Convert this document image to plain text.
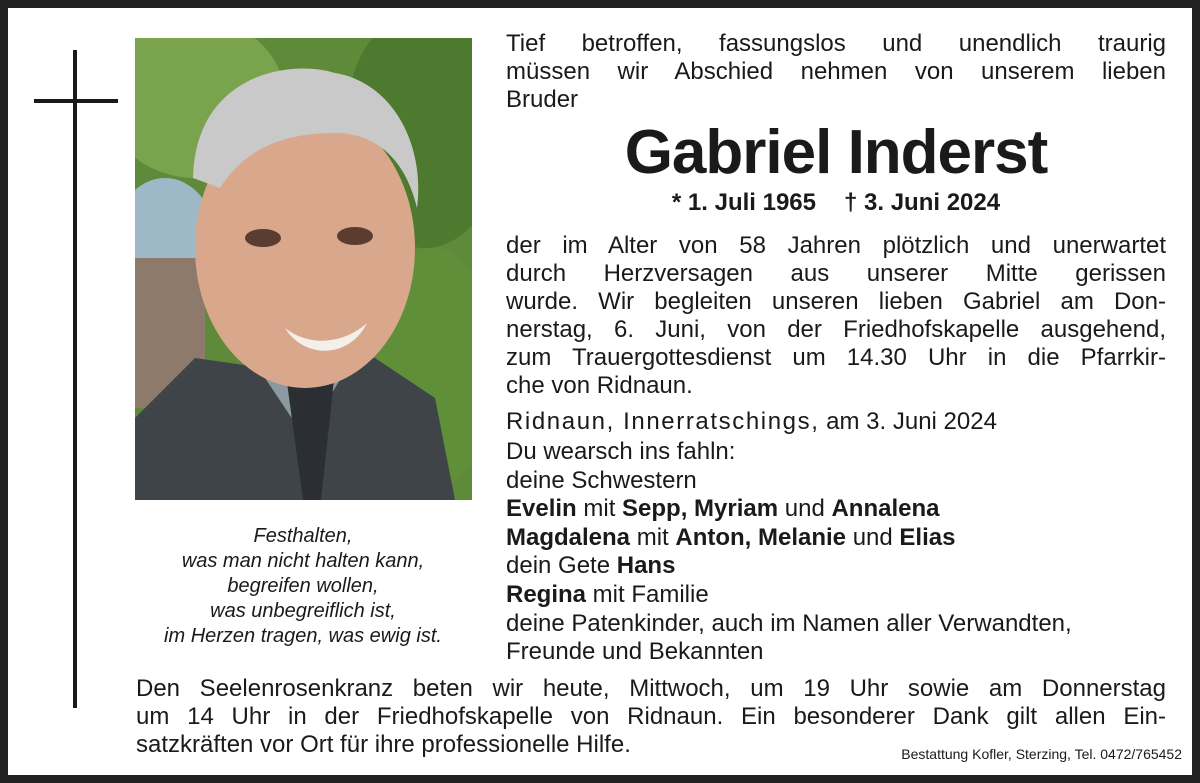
Festhalten,
was man nicht halten kann,
begreifen wollen,
was unbegreiflich ist,
im Herzen tragen, was ewig ist.
Tief betroffen, fassungslos und unendlich traurig
müssen wir Abschied nehmen von unserem lieben
Bruder
Gabriel Inderst
* 1. Juli 1965 † 3. Juni 2024
der im Alter von 58 Jahren plötzlich und unerwartet
durch Herzversagen aus unserer Mitte gerissen
wurde. Wir begleiten unseren lieben Gabriel am Don-
nerstag, 6. Juni, von der Friedhofskapelle ausgehend,
zum Trauergottesdienst um 14.30 Uhr in die Pfarrkir-
che von Ridnaun.
Ridnaun, Innerratschings, am 3. Juni 2024
Du wearsch ins fahln:
deine Schwestern
Evelin mit Sepp, Myriam und Annalena
Magdalena mit Anton, Melanie und Elias
dein Gete Hans
Regina mit Familie
deine Patenkinder, auch im Namen aller Verwandten,
Freunde und Bekannten
Den Seelenrosenkranz beten wir heute, Mittwoch, um 19 Uhr sowie am Donnerstag
um 14 Uhr in der Friedhofskapelle von Ridnaun. Ein besonderer Dank gilt allen Ein-
satzkräften vor Ort für ihre professionelle Hilfe.	Bestattung Kofler, Sterzing, Tel. 0472/765452
